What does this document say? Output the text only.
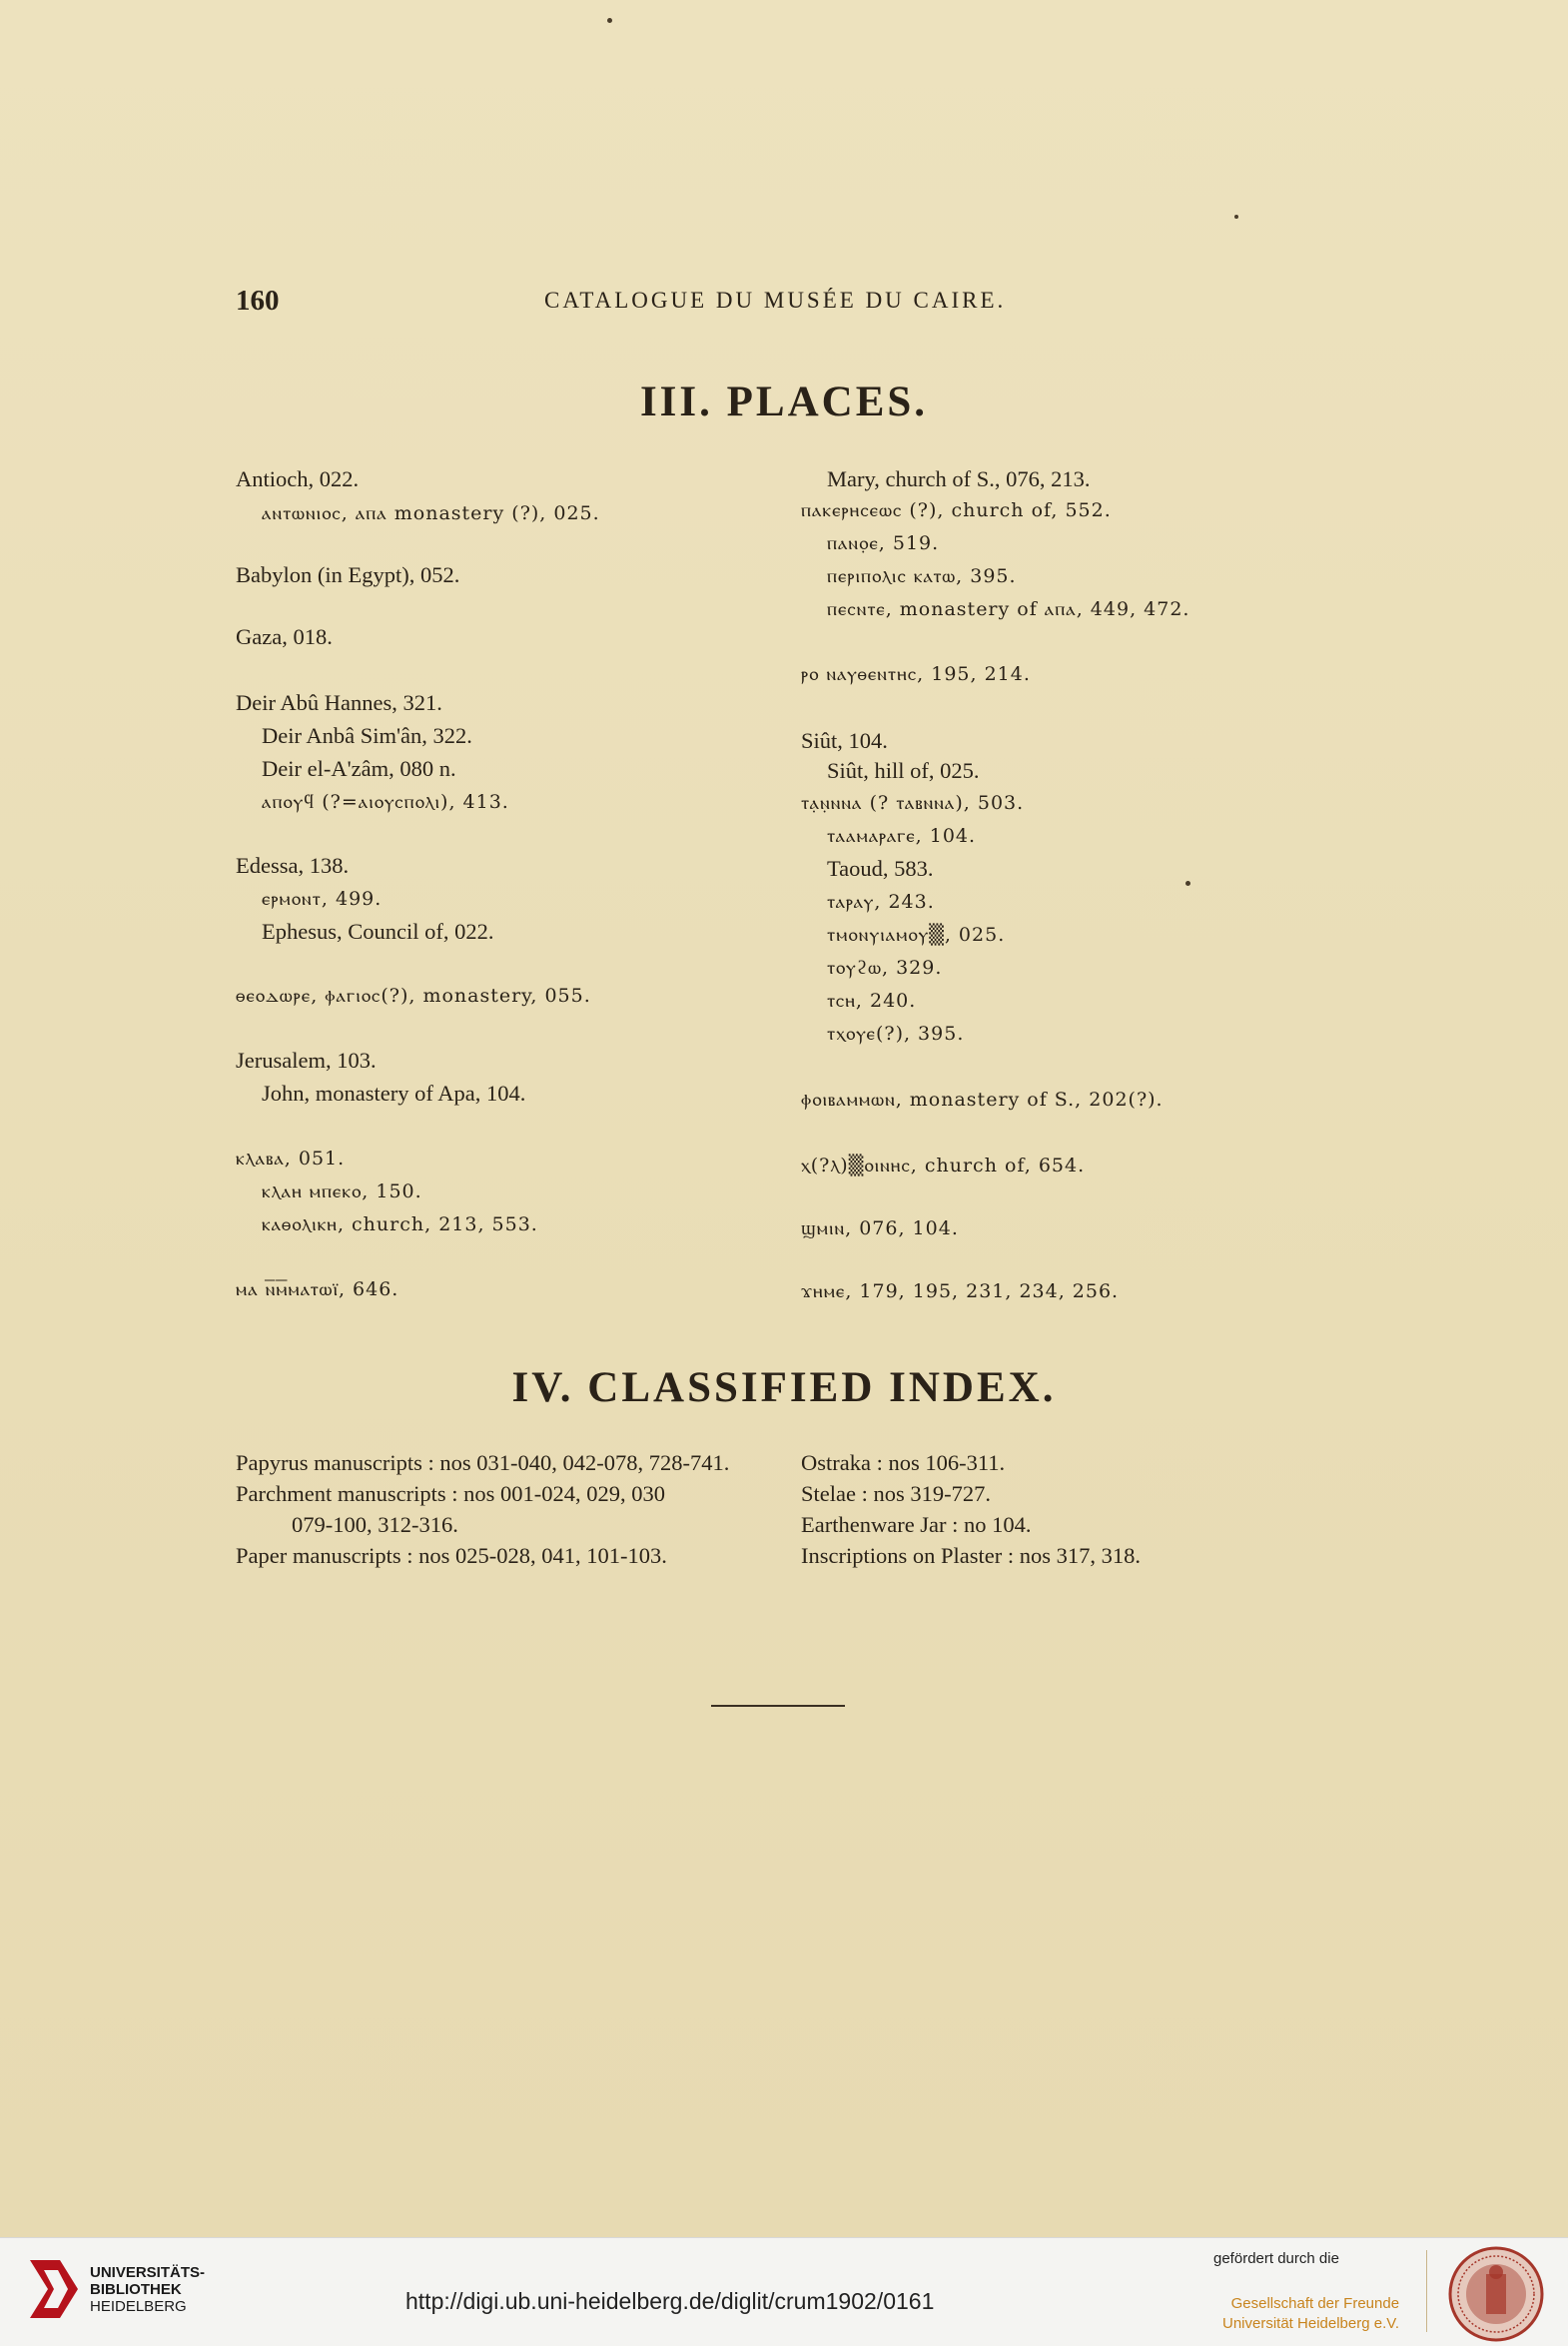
160	CATALOGUE DU MUSÉE DU CAIRE.
III. PLACES.
Antioch, 022.
ⲁⲛⲧⲱⲛⲓⲟⲥ, ⲁⲡⲁ monastery (?), 025.
Babylon (in Egypt), 052.
Gaza, 018.
Deir Abû Hannes, 321.
Deir Anbâ Sim'ân, 322.
Deir el-A'zâm, 080 n.
ⲁⲡⲟⲩϥ (?=ⲁⲓⲟⲩⲥⲡⲟⲗⲓ), 413.
Edessa, 138.
ⲉⲣⲙⲟⲛⲧ, 499.
Ephesus, Council of, 022.
ⲑⲉⲟⲇⲱⲣⲉ, ⲫⲁⲅⲓⲟⲥ(?), monastery, 055.
Jerusalem, 103.
John, monastery of Apa, 104.
ⲕⲗⲁⲃⲁ, 051.
ⲕⲗⲁⲏ ⲙⲡⲉⲕⲟ, 150.
ⲕⲁⲑⲟⲗⲓⲕⲏ, church, 213, 553.
ⲙⲁ ⲛ̅ⲙ̅ⲙⲁⲧⲱⲓ̈, 646.
Mary, church of S., 076, 213.
ⲡⲁⲕⲉⲣⲏⲥⲉⲱⲥ (?), church of, 552.
ⲡⲁⲛⲟ̣ⲉ, 519.
ⲡⲉⲣⲓⲡⲟⲗⲓⲥ ⲕⲁⲧⲱ, 395.
ⲡⲉⲥⲛⲧⲉ, monastery of ⲁⲡⲁ, 449, 472.
ⲣⲟ ⲛⲁⲩⲑⲉⲛⲧⲏⲥ, 195, 214.
Siût, 104.
Siût, hill of, 025.
ⲧⲁ̣ⲛ̣ⲛⲛⲁ (? ⲧⲁⲃⲛⲛⲁ), 503.
ⲧⲁⲁⲙⲁⲣⲁⲅⲉ, 104.
Taoud, 583.
ⲧⲁⲣⲁⲩ, 243.
ⲧⲙⲟⲛⲩⲓⲁⲙⲟⲩ▒, 025.
ⲧⲟⲩϩⲱ, 329.
ⲧⲥⲏ, 240.
ⲧⲭⲟⲩⲉ(?), 395.
ⲫⲟⲓⲃⲁⲙⲙⲱⲛ, monastery of S., 202(?).
ⲭ(?ⲗ)▒ⲟⲓⲛⲏⲥ, church of, 654.
ϣⲙⲓⲛ, 076, 104.
ϫⲏⲙⲉ, 179, 195, 231, 234, 256.
IV. CLASSIFIED INDEX.
Papyrus manuscripts : nos 031-040, 042-078, 728-741.
Parchment manuscripts : nos 001-024, 029, 030
079-100, 312-316.
Paper manuscripts : nos 025-028, 041, 101-103.
Ostraka : nos 106-311.
Stelae : nos 319-727.
Earthenware Jar : no 104.
Inscriptions on Plaster : nos 317, 318.
UNIVERSITÄTS-
BIBLIOTHEK
HEIDELBERG	http://digi.ub.uni-heidelberg.de/diglit/crum1902/0161
gefördert durch die
Gesellschaft der Freunde
Universität Heidelberg e.V.
